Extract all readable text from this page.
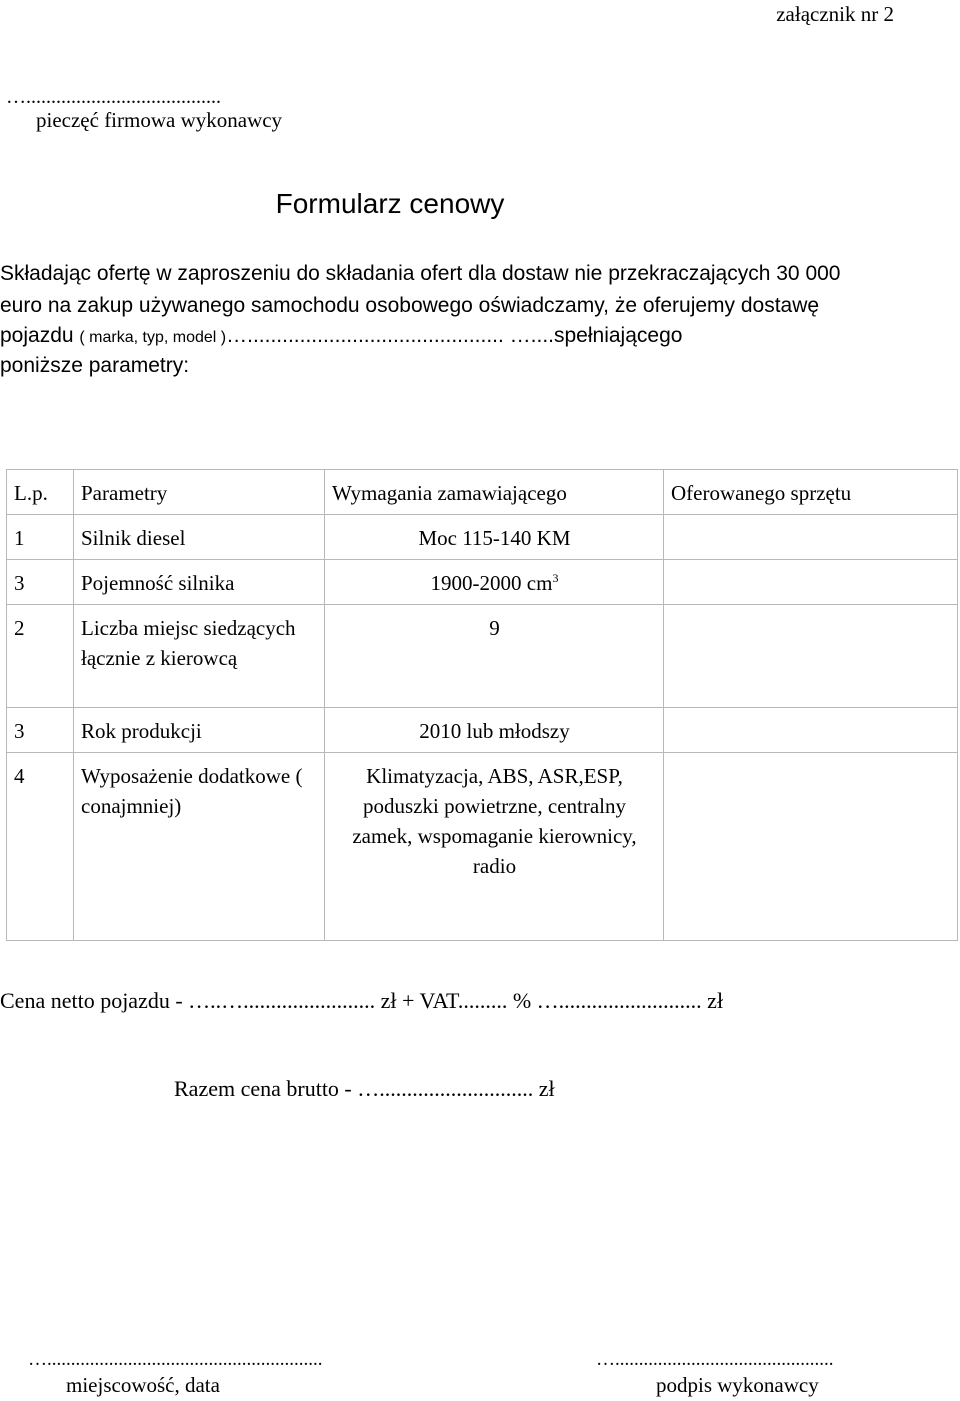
załącznik nr 2
….......................................
pieczęć firmowa wykonawcy
Formularz cenowy
Składając ofertę w zaproszeniu do składania ofert dla dostaw nie przekraczających 30 000
euro na zakup używanego samochodu osobowego oświadczamy, że oferujemy dostawę
pojazdu ( marka, typ, model )…............................................ …....spełniającego
poniższe parametry:
L.p.	Parametry	Wymagania zamawiającego	Oferowanego sprzętu
1	Silnik diesel	Moc 115-140 KM	
3	Pojemność silnika	1900-2000 $cm^3$	
2	Liczba miejsc siedzących łącznie z kierowcą	9	
3	Rok produkcji	2010 lub młodszy	
4	Wyposażenie dodatkowe ( conajmniej)	Klimatyzacja, ABS, ASR,ESP, poduszki powietrzne, centralny zamek, wspomaganie kierownicy, radio	
Cena netto pojazdu - …..…........................ zł + VAT......... % ….......................... zł
Razem cena brutto - …............................ zł
…..........................................................
miejscowość, data
…..............................................
podpis wykonawcy
